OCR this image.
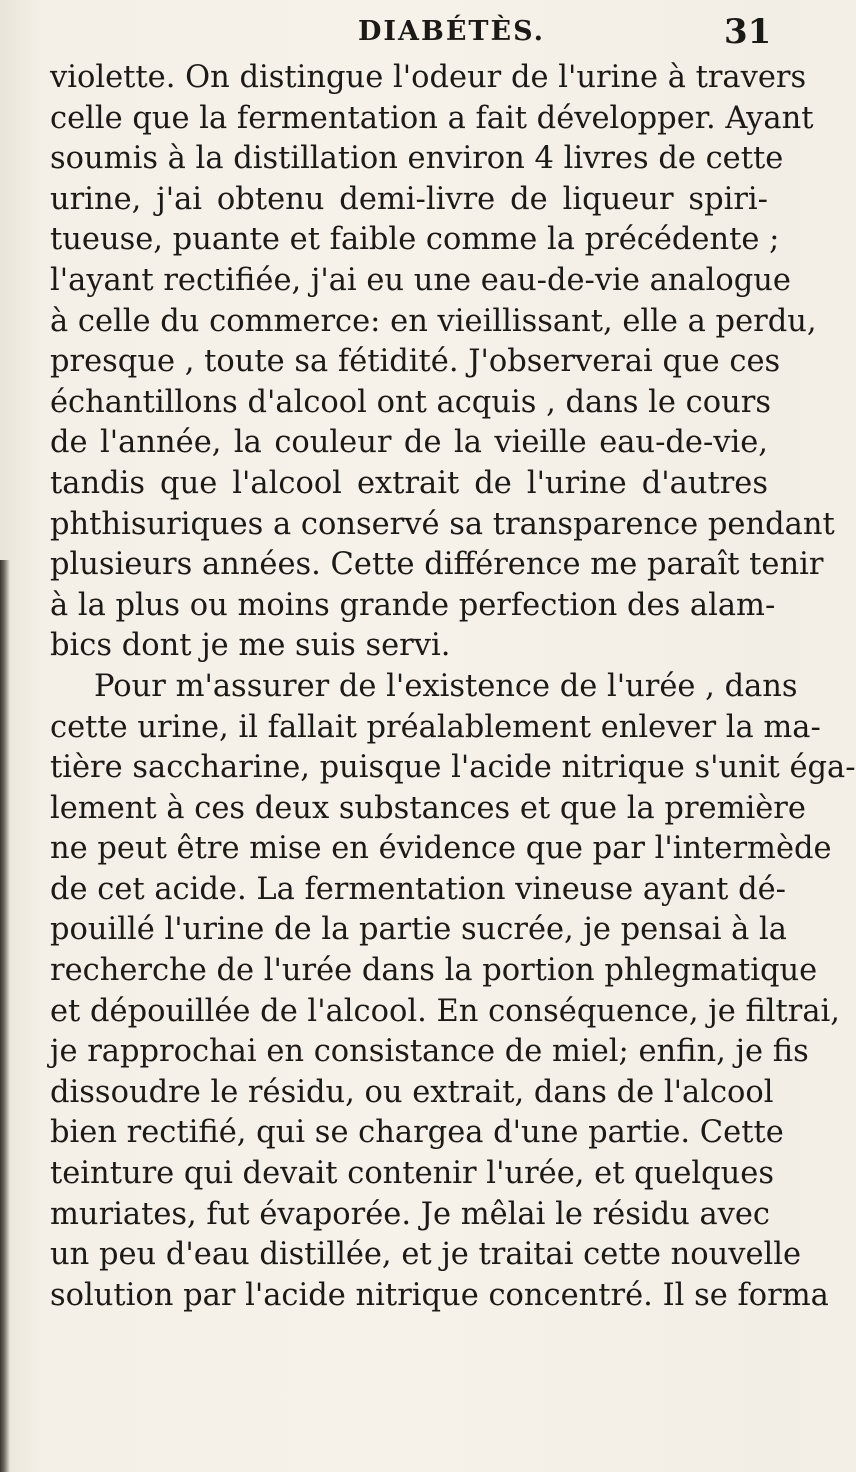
DIABÉTÈS.	31
violette. On distingue l'odeur de l'urine à travers
celle que la fermentation a fait développer. Ayant
soumis à la distillation environ 4 livres de cette
urine, j'ai obtenu demi-livre de liqueur spiri-
tueuse, puante et faible comme la précédente ;
l'ayant rectifiée, j'ai eu une eau-de-vie analogue
à celle du commerce: en vieillissant, elle a perdu,
presque , toute sa fétidité. J'observerai que ces
échantillons d'alcool ont acquis , dans le cours
de l'année, la couleur de la vieille eau-de-vie,
tandis que l'alcool extrait de l'urine d'autres
phthisuriques a conservé sa transparence pendant
plusieurs années. Cette différence me paraît tenir
à la plus ou moins grande perfection des alam-
bics dont je me suis servi.
Pour m'assurer de l'existence de l'urée , dans
cette urine, il fallait préalablement enlever la ma-
tière saccharine, puisque l'acide nitrique s'unit éga-
lement à ces deux substances et que la première
ne peut être mise en évidence que par l'intermède
de cet acide. La fermentation vineuse ayant dé-
pouillé l'urine de la partie sucrée, je pensai à la
recherche de l'urée dans la portion phlegmatique
et dépouillée de l'alcool. En conséquence, je filtrai,
je rapprochai en consistance de miel; enfin, je fis
dissoudre le résidu, ou extrait, dans de l'alcool
bien rectifié, qui se chargea d'une partie. Cette
teinture qui devait contenir l'urée, et quelques
muriates, fut évaporée. Je mêlai le résidu avec
un peu d'eau distillée, et je traitai cette nouvelle
solution par l'acide nitrique concentré. Il se forma
